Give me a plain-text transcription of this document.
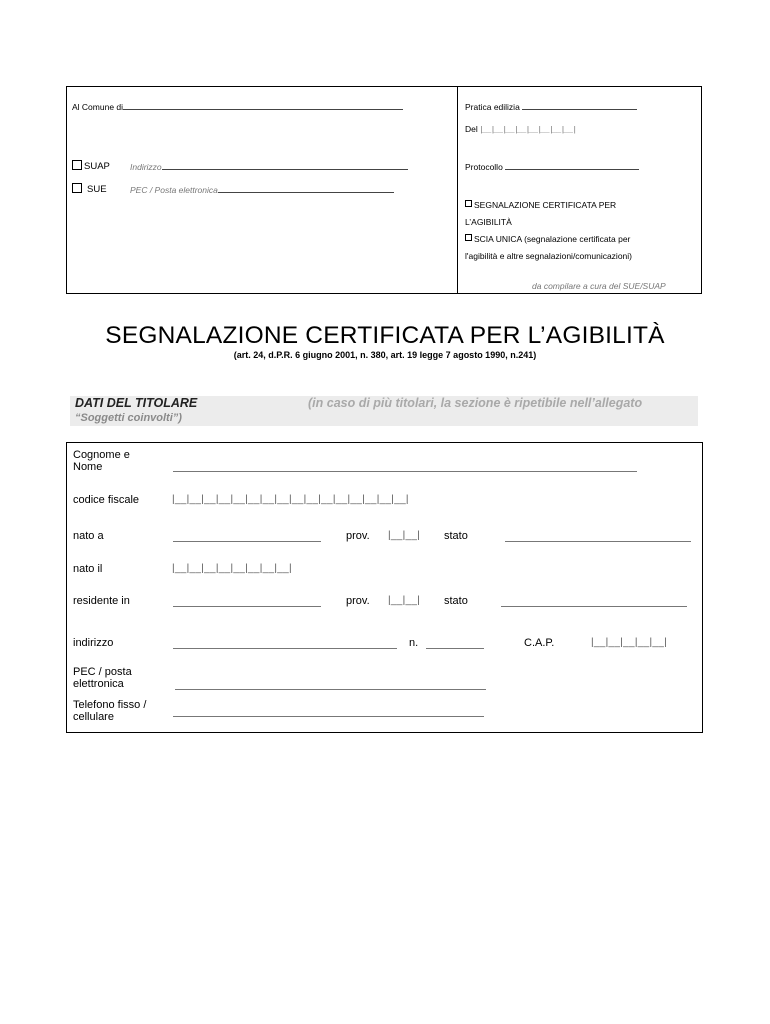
Al Comune di	Pratica edilizia
Del |__|__|__|__|__|__|__|__|
SUAP Indirizzo	Protocollo
SUE	PEC / Posta elettronica
SEGNALAZIONE CERTIFICATA PER
L’AGIBILITÀ
SCIA UNICA (segnalazione certificata per
l'agibilità e altre segnalazioni/comunicazioni)
da compilare a cura del SUE/SUAP
SEGNALAZIONE CERTIFICATA PER L’AGIBILITÀ
(art. 24, d.P.R. 6 giugno 2001, n. 380, art. 19 legge 7 agosto 1990, n.241)
DATI DEL TITOLARE	(in caso di più titolari, la sezione è ripetibile nell’allegato
“Soggetti coinvolti”)
Cognome e
Nome
codice fiscale	|__|__|__|__|__|__|__|__|__|__|__|__|__|__|__|__|
nato a	prov. |__|__| stato
nato il	|__|__|__|__|__|__|__|__|
residente in	prov. |__|__| stato
indirizzo	n.	C.A.P.	|__|__|__|__|__|
PEC / posta
elettronica
Telefono fisso /
cellulare
